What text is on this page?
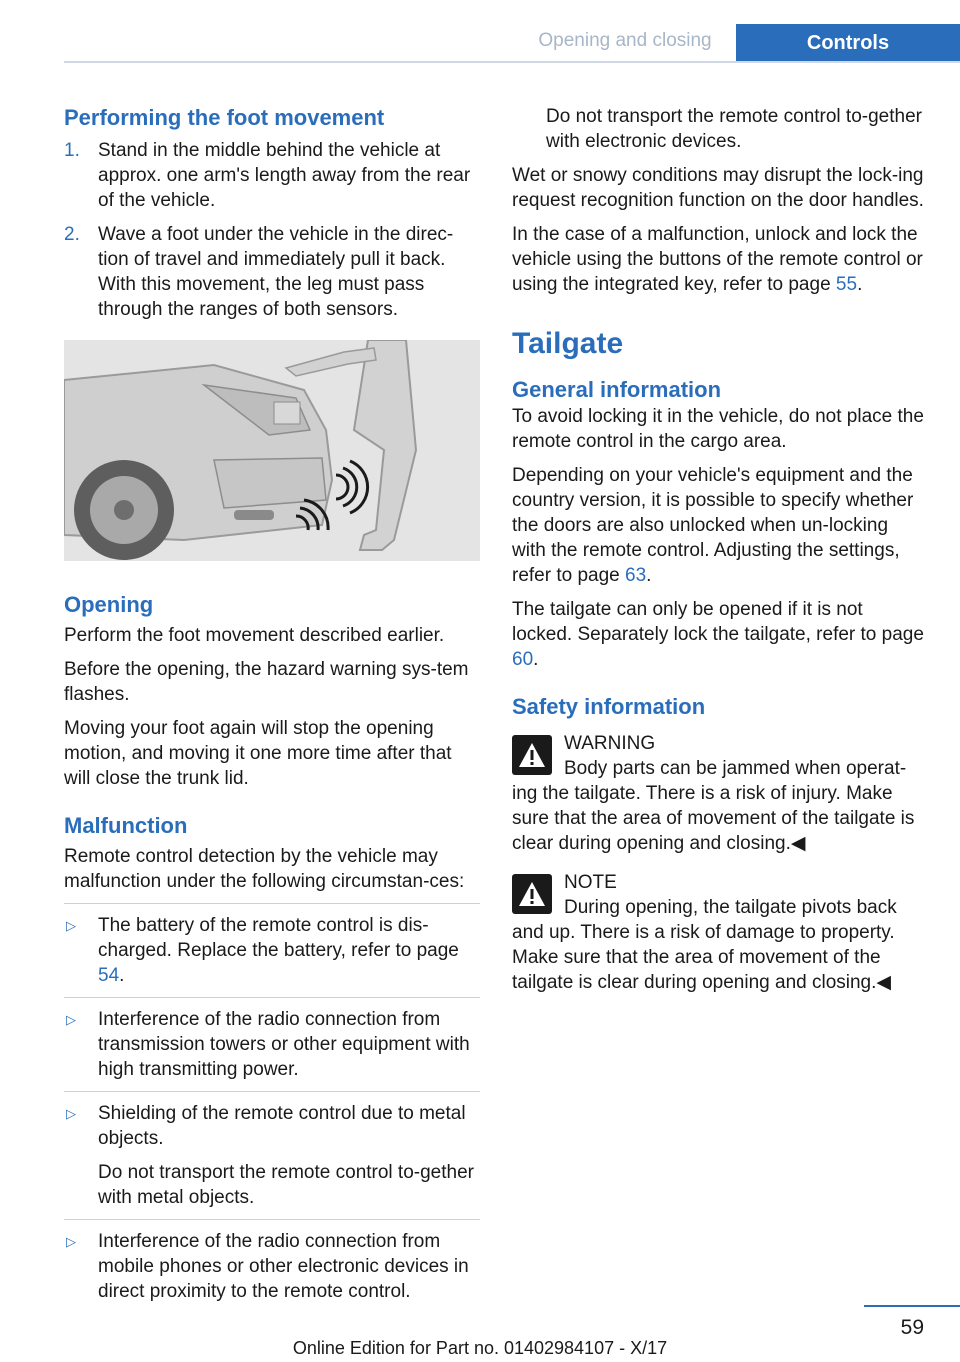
Opening and closing	Controls
Performing the foot movement
1. Stand in the middle behind the vehicle at approx. one arm's length away from the rear of the vehicle.
2. Wave a foot under the vehicle in the direc‐tion of travel and immediately pull it back. With this movement, the leg must pass through the ranges of both sensors.
Opening

Perform the foot movement described earlier.

Before the opening, the hazard warning sys‐tem flashes.

Moving your foot again will stop the opening motion, and moving it one more time after that will close the trunk lid.

Malfunction

Remote control detection by the vehicle may malfunction under the following circumstan‐ces:

▷	The battery of the remote control is dis‐charged. Replace the battery, refer to page 54.
▷	Interference of the radio connection from transmission towers or other equipment with high transmitting power.
▷	Shielding of the remote control due to metal objects.

Do not transport the remote control to‐gether with metal objects.

▷	Interference of the radio connection from mobile phones or other electronic devices in direct proximity to the remote control.

Do not transport the remote control to‐gether with electronic devices.

Wet or snowy conditions may disrupt the lock‐ing request recognition function on the door handles.

In the case of a malfunction, unlock and lock the vehicle using the buttons of the remote control or using the integrated key, refer to page 55.

Tailgate
General information

To avoid locking it in the vehicle, do not place the remote control in the cargo area.

Depending on your vehicle's equipment and the country version, it is possible to specify whether the doors are also unlocked when un‐locking with the remote control. Adjusting the settings, refer to page 63.

The tailgate can only be opened if it is not locked. Separately lock the tailgate, refer to page 60.

Safety information

WARNING

Body parts can be jammed when operat‐

ing the tailgate. There is a risk of injury. Make sure that the area of movement of the tailgate is clear during opening and closing.◀

NOTE

During opening, the tailgate pivots back

and up. There is a risk of damage to property. Make sure that the area of movement of the tailgate is clear during opening and closing.◀

59
Online Edition for Part no. 01402984107 - X/17
